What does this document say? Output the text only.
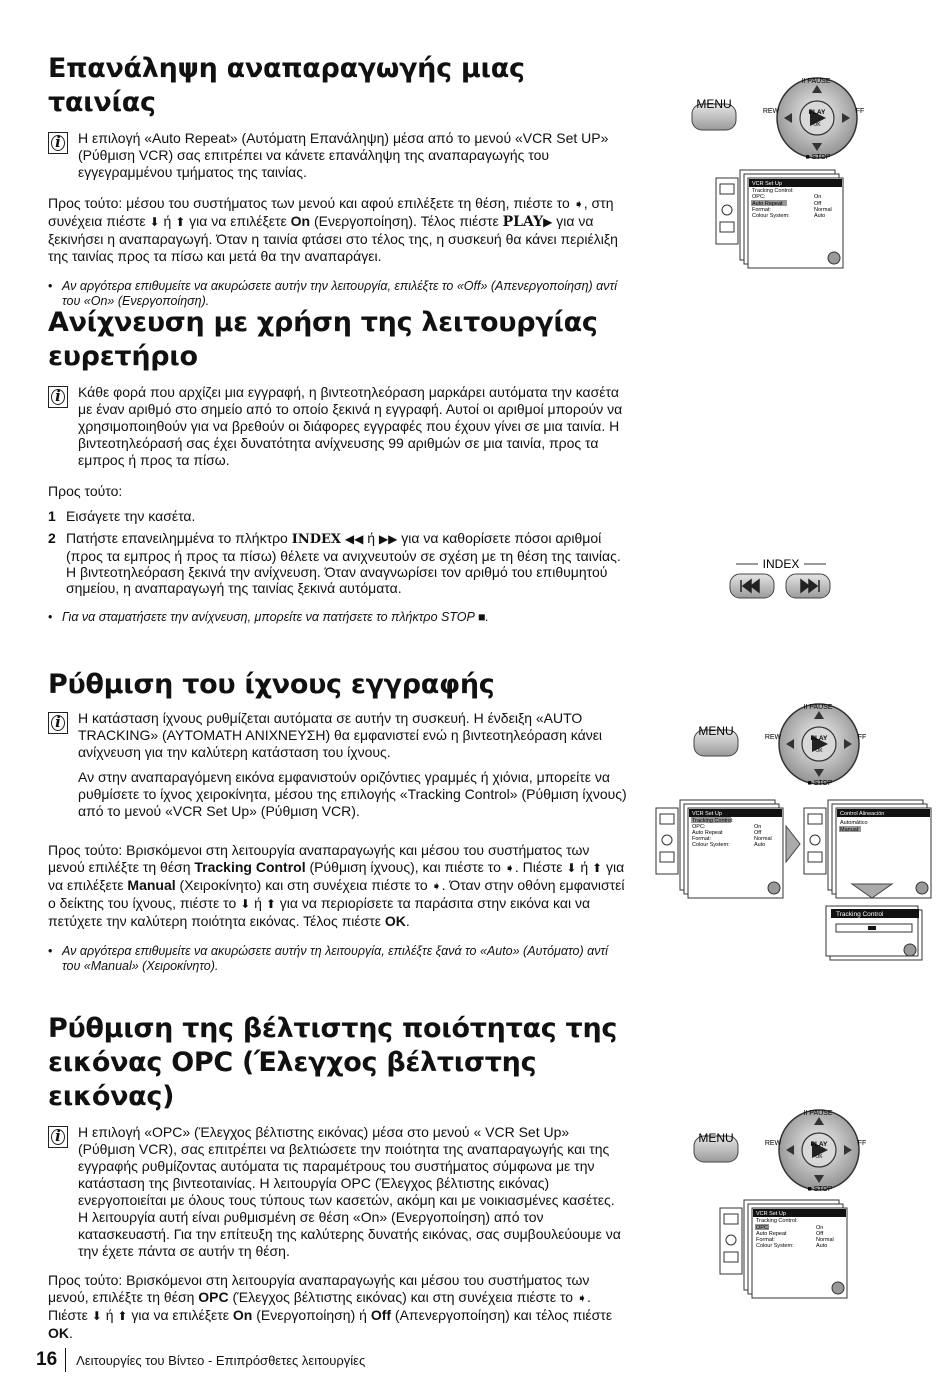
Επανάληψη αναπαραγωγής μιας ταινίας
i	Η επιλογή «Auto Repeat» (Αυτόματη Επανάληψη) μέσα από το μενού «VCR Set UP» (Ρύθμιση VCR) σας επιτρέπει να κάνετε επανάληψη της αναπαραγωγής του εγγεγραμμένου τμήματος της ταινίας.

Προς τούτο: μέσου του συστήματος των μενού και αφού επιλέξετε τη θέση, πιέστε το ➧, στη συνέχεια πιέστε ⬇ ή ⬆ για να επιλέξετε On (Ενεργοποίηση). Τέλος πιέστε PLAY▶ για να ξεκινήσει η αναπαραγωγή. Όταν η ταινία φτάσει στο τέλος της, η συσκευή θα κάνει περιέλιξη της ταινίας προς τα πίσω και μετά θα την αναπαράγει.

• Αν αργότερα επιθυμείτε να ακυρώσετε αυτήν την λειτουργία, επιλέξτε το «Off» (Απενεργοποίηση) αντί του «On» (Ενεργοποίηση).

Ανίχνευση με χρήση της λειτουργίας
ευρετήριο
i	Κάθε φορά που αρχίζει μια εγγραφή, η βιντεοτηλεόραση μαρκάρει αυτόματα την κασέτα με έναν αριθμό στο σημείο από το οποίο ξεκινά η εγγραφή. Αυτοί οι αριθμοί μπορούν να χρησιμοποιηθούν για να βρεθούν οι διάφορες εγγραφές που έχουν γίνει σε μια ταινία. Η βιντεοτηλεόρασή σας έχει δυνατότητα ανίχνευσης 99 αριθμών σε μια ταινία, προς τα εμπρος ή προς τα πίσω.

Προς τούτο:

1 Εισάγετε την κασέτα.
2 Πατήστε επανειλημμένα το πλήκτρο INDEX ◀◀ ή ▶▶ για να καθορίσετε πόσοι αριθμοί (προς τα εμπρος ή προς τα πίσω) θέλετε να ανιχνευτούν σε σχέση με τη θέση της ταινίας. Η βιντεοτηλεόραση ξεκινά την ανίχνευση. Όταν αναγνωρίσει τον αριθμό του επιθυμητού σημείου, η αναπαραγωγή της ταινίας ξεκινά αυτόματα.

• Για να σταματήσετε την ανίχνευση, μπορείτε να πατήσετε το πλήκτρο STOP ■.

Ρύθμιση του ίχνους εγγραφής
i	Η κατάσταση ίχνους ρυθμίζεται αυτόματα σε αυτήν τη συσκευή. Η ένδειξη «AUTO TRACKING» (ΑΥΤΟΜΑΤΗ ΑΝΙΧΝΕΥΣΗ) θα εμφανιστεί ενώ η βιντεοτηλεόραση κάνει ανίχνευση για την καλύτερη κατάσταση του ίχνους.

Αν στην αναπαραγόμενη εικόνα εμφανιστούν οριζόντιες γραμμές ή χιόνια, μπορείτε να ρυθμίσετε το ίχνος χειροκίνητα, μέσου της επιλογής «Tracking Control» (Ρύθμιση ίχνους) από το μενού «VCR Set Up» (Ρύθμιση VCR).

Προς τούτο: Βρισκόμενοι στη λειτουργία αναπαραγωγής και μέσου του συστήματος των μενού επιλέξτε τη θέση Tracking Control (Ρύθμιση ίχνους), και πιέστε το ➧. Πιέστε ⬇ ή ⬆ για να επιλέξετε Manual (Χειροκίνητο) και στη συνέχεια πιέστε το ➧. Όταν στην οθόνη εμφανιστεί ο δείκτης του ίχνους, πιέστε το ⬇ ή ⬆ για να περιορίσετε τα παράσιτα στην εικόνα και να πετύχετε την καλύτερη ποιότητα εικόνας. Τέλος πιέστε OK.

• Αν αργότερα επιθυμείτε να ακυρώσετε αυτήν τη λειτουργία, επιλέξτε ξανά το «Auto» (Αυτόματο) αντί του «Manual» (Χειροκίνητο).

Ρύθμιση της βέλτιστης ποιότητας της
εικόνας OPC (Έλεγχος βέλτιστης εικόνας)
i	Η επιλογή «OPC» (Έλεγχος βέλτιστης εικόνας) μέσα στο μενού « VCR Set Up» (Ρύθμιση VCR), σας επιτρέπει να βελτιώσετε την ποιότητα της αναπαραγωγής και της εγγραφής ρυθμίζοντας αυτόματα τις παραμέτρους του συστήματος σύμφωνα με την κατάσταση της βιντεοταινίας. Η λειτουργία OPC (Έλεγχος βέλτιστης εικόνας) ενεργοποιείται με όλους τους τύπους των κασετών, ακόμη και με νοικιασμένες κασέτες. Η λειτουργία αυτή είναι ρυθμισμένη σε θέση «On» (Ενεργοποίηση) από τον κατασκευαστή. Για την επίτευξη της καλύτερης δυνατής εικόνας, σας συμβουλεύουμε να την έχετε πάντα σε αυτήν τη θέση.

Προς τούτο: Βρισκόμενοι στη λειτουργία αναπαραγωγής και μέσου του συστήματος των μενού, επιλέξτε τη θέση OPC (Έλεγχος βέλτιστης εικόνας) και στη συνέχεια πιέστε το ➧. Πιέστε ⬇ ή ⬆ για να επιλέξετε On (Ενεργοποίηση) ή Off (Απενεργοποίηση) και τέλος πιέστε OK.

MENU
II PAUSE
REW	FF
PLAY
OK
■ STOP
VCR Set Up
Tracking Control:
OPC:
Auto Repeat
Format:
Colour System:
On
Off
Normal
Auto
INDEX
MENU
II PAUSE
REW	FF
PLAY
OK
■ STOP
VCR Set Up
Tracking Control:
OPC:
Auto Repeat
Format:
Colour System:
On
Off
Normal
Auto
Control Alineación
Automático
Manual:
Tracking Control
MENU
II PAUSE
REW	FF
PLAY
OK
■ STOP
VCR Set Up
Tracking Control:
OPC:
Auto Repeat
Format:
Colour System:
On
Off
Normal
Auto
16	Λειτουργίες του Βίντεο - Επιπρόσθετες λειτουργίες
